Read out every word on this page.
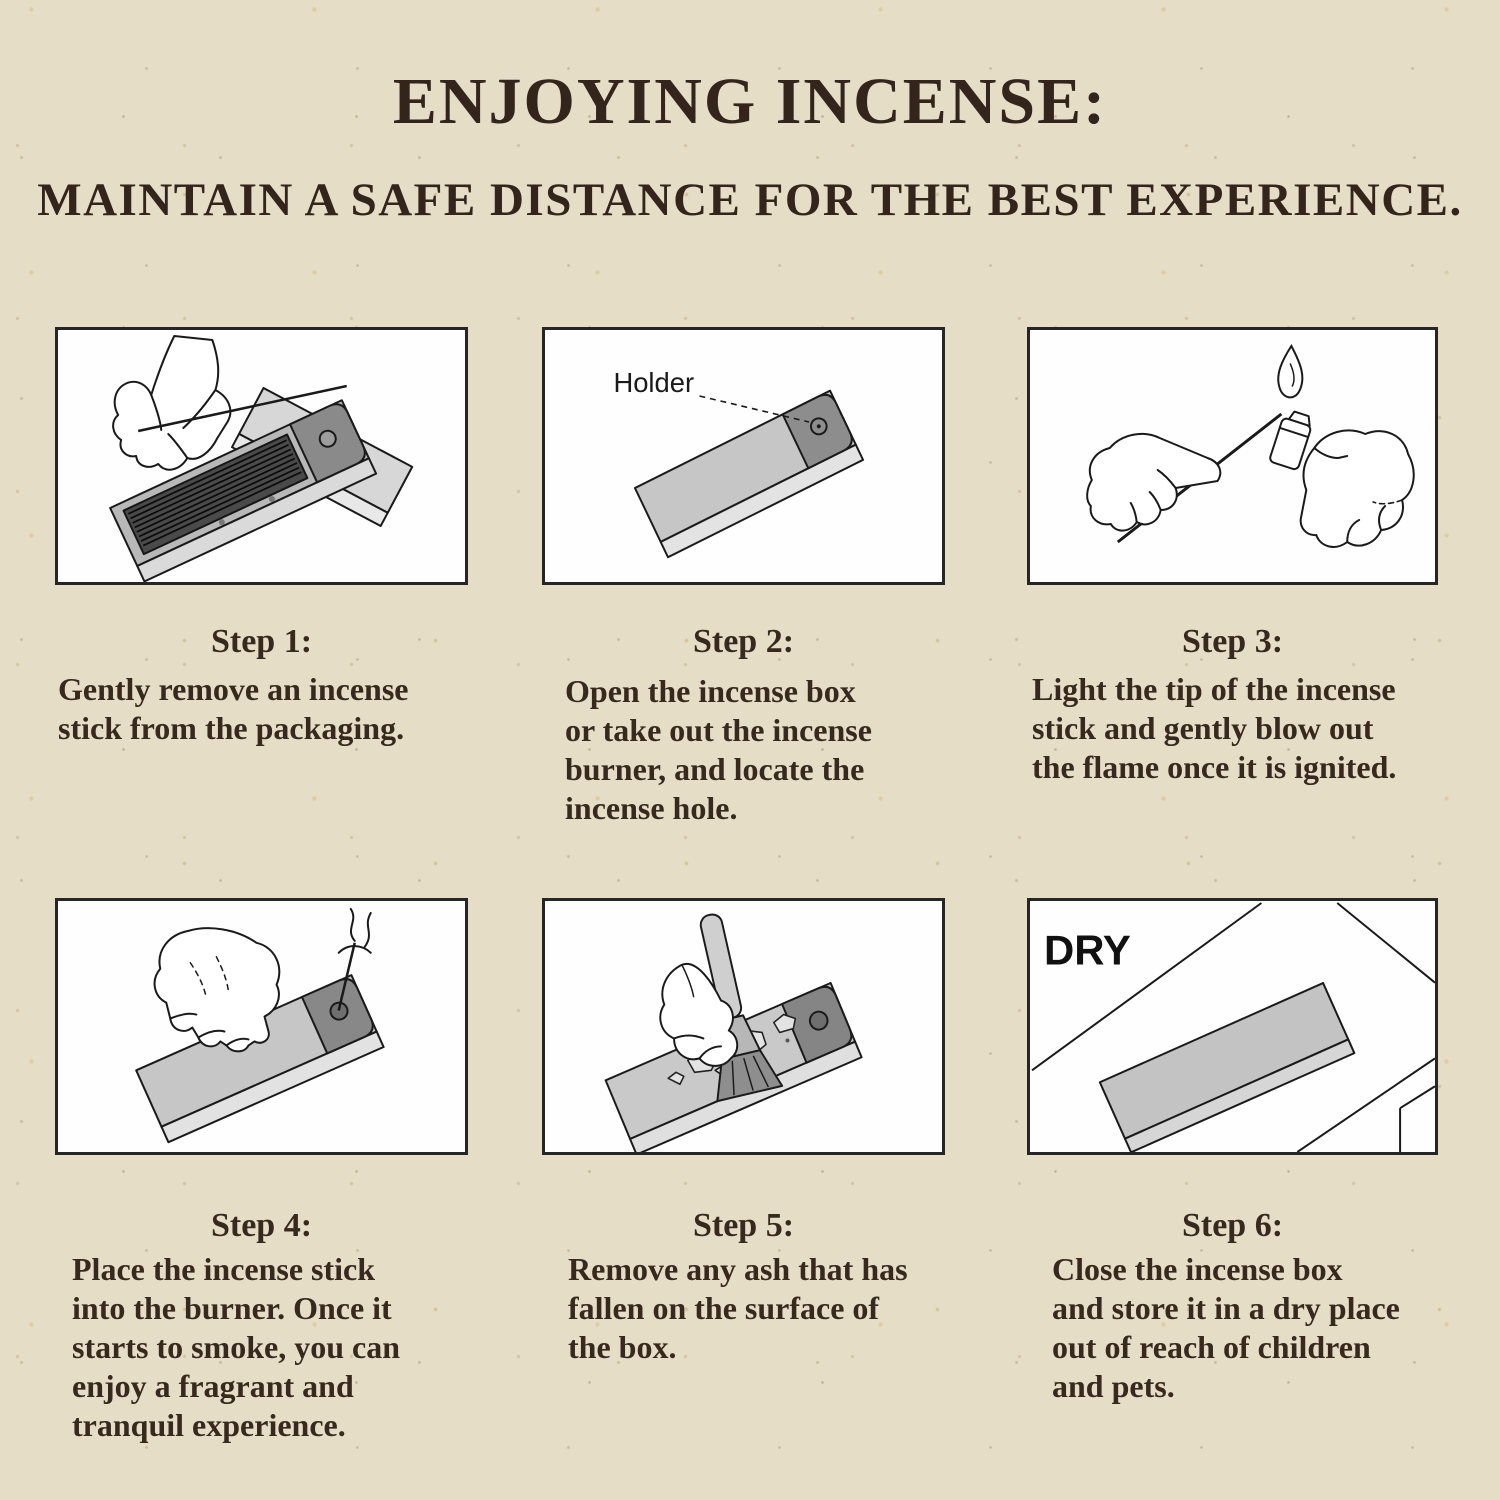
ENJOYING INCENSE:
MAINTAIN A SAFE DISTANCE FOR THE BEST EXPERIENCE.
Holder
DRY
Step 1:	Step 2:	Step 3:
Step 4:	Step 5:	Step 6:
Gently remove an incense
stick from the packaging.
Open the incense box
or take out the incense
burner, and locate the
incense hole.
Light the tip of the incense
stick and gently blow out
the flame once it is ignited.
Place the incense stick
into the burner. Once it
starts to smoke, you can
enjoy a fragrant and
tranquil experience.
Remove any ash that has
fallen on the surface of
the box.
Close the incense box
and store it in a dry place
out of reach of children
and pets.
